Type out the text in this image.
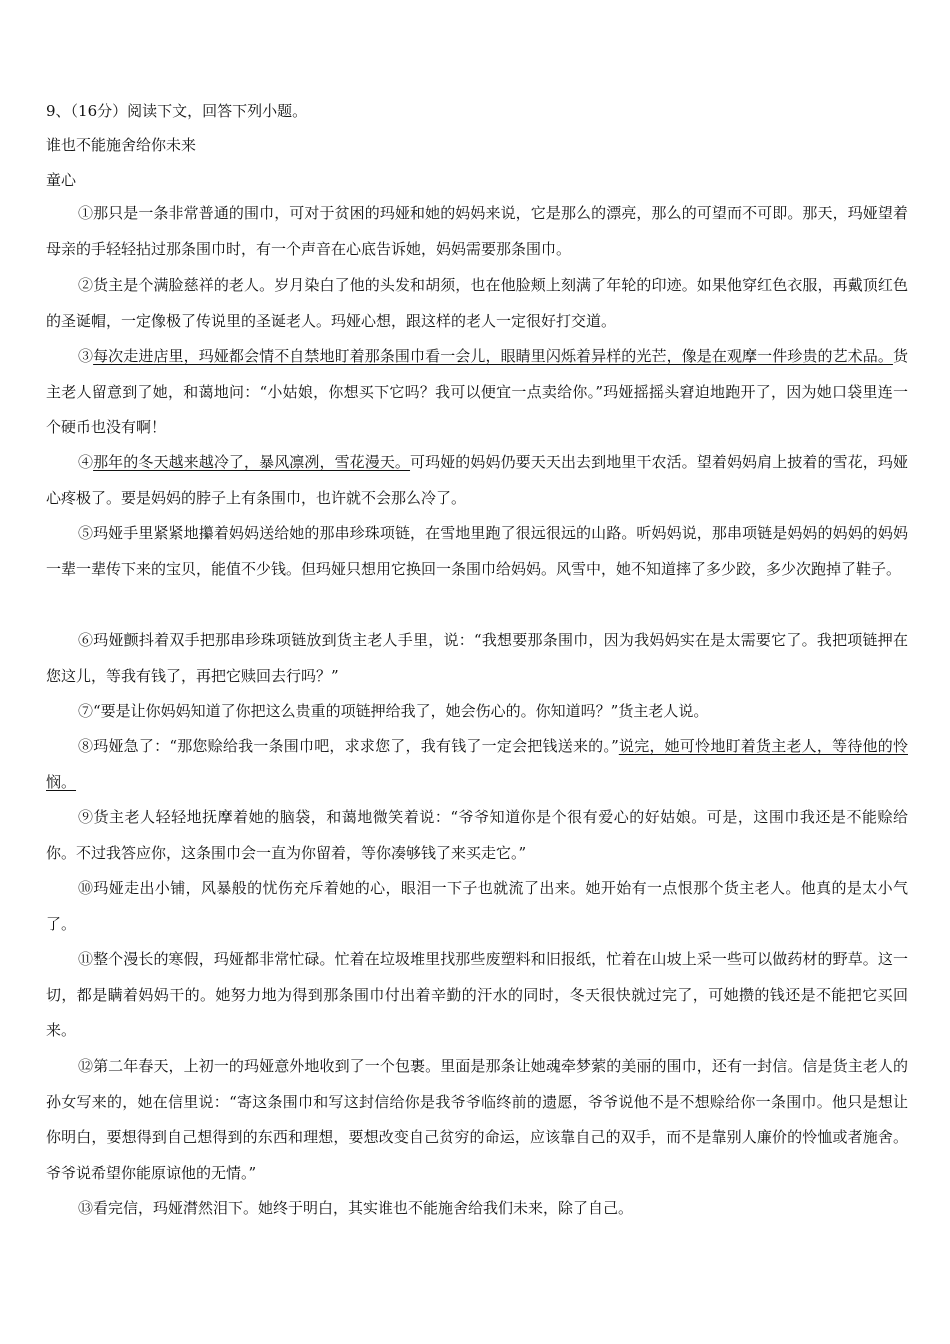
9、（16分）阅读下文，回答下列小题。
谁也不能施舍给你未来
童心

①那只是一条非常普通的围巾，可对于贫困的玛娅和她的妈妈来说，它是那么的漂亮，那么的可望而不可即。那天，玛娅望着母亲的手轻轻拈过那条围巾时，有一个声音在心底告诉她，妈妈需要那条围巾。

②货主是个满脸慈祥的老人。岁月染白了他的头发和胡须，也在他脸颊上刻满了年轮的印迹。如果他穿红色衣服，再戴顶红色的圣诞帽，一定像极了传说里的圣诞老人。玛娅心想，跟这样的老人一定很好打交道。

③每次走进店里，玛娅都会情不自禁地盯着那条围巾看一会儿，眼睛里闪烁着异样的光芒，像是在观摩一件珍贵的艺术品。货主老人留意到了她，和蔼地问：“小姑娘，你想买下它吗？我可以便宜一点卖给你。”玛娅摇摇头窘迫地跑开了，因为她口袋里连一个硬币也没有啊！

④那年的冬天越来越冷了，暴风凛冽，雪花漫天。可玛娅的妈妈仍要天天出去到地里干农活。望着妈妈肩上披着的雪花，玛娅心疼极了。要是妈妈的脖子上有条围巾，也许就不会那么冷了。

⑤玛娅手里紧紧地攥着妈妈送给她的那串珍珠项链，在雪地里跑了很远很远的山路。听妈妈说，那串项链是妈妈的妈妈的妈妈一辈一辈传下来的宝贝，能值不少钱。但玛娅只想用它换回一条围巾给妈妈。风雪中，她不知道摔了多少跤，多少次跑掉了鞋子。

⑥玛娅颤抖着双手把那串珍珠项链放到货主老人手里，说：“我想要那条围巾，因为我妈妈实在是太需要它了。我把项链押在您这儿，等我有钱了，再把它赎回去行吗？”

⑦“要是让你妈妈知道了你把这么贵重的项链押给我了，她会伤心的。你知道吗？”货主老人说。

⑧玛娅急了：“那您赊给我一条围巾吧，求求您了，我有钱了一定会把钱送来的。”说完，她可怜地盯着货主老人，等待他的怜悯。

⑨货主老人轻轻地抚摩着她的脑袋，和蔼地微笑着说：“爷爷知道你是个很有爱心的好姑娘。可是，这围巾我还是不能赊给你。不过我答应你，这条围巾会一直为你留着，等你凑够钱了来买走它。”

⑩玛娅走出小铺，风暴般的忧伤充斥着她的心，眼泪一下子也就流了出来。她开始有一点恨那个货主老人。他真的是太小气了。

⑪整个漫长的寒假，玛娅都非常忙碌。忙着在垃圾堆里找那些废塑料和旧报纸，忙着在山坡上采一些可以做药材的野草。这一切，都是瞒着妈妈干的。她努力地为得到那条围巾付出着辛勤的汗水的同时，冬天很快就过完了，可她攒的钱还是不能把它买回来。

⑫第二年春天，上初一的玛娅意外地收到了一个包裹。里面是那条让她魂牵梦萦的美丽的围巾，还有一封信。信是货主老人的孙女写来的，她在信里说：“寄这条围巾和写这封信给你是我爷爷临终前的遗愿，爷爷说他不是不想赊给你一条围巾。他只是想让你明白，要想得到自己想得到的东西和理想，要想改变自己贫穷的命运，应该靠自己的双手，而不是靠别人廉价的怜恤或者施舍。爷爷说希望你能原谅他的无情。”

⑬看完信，玛娅潸然泪下。她终于明白，其实谁也不能施舍给我们未来，除了自己。
